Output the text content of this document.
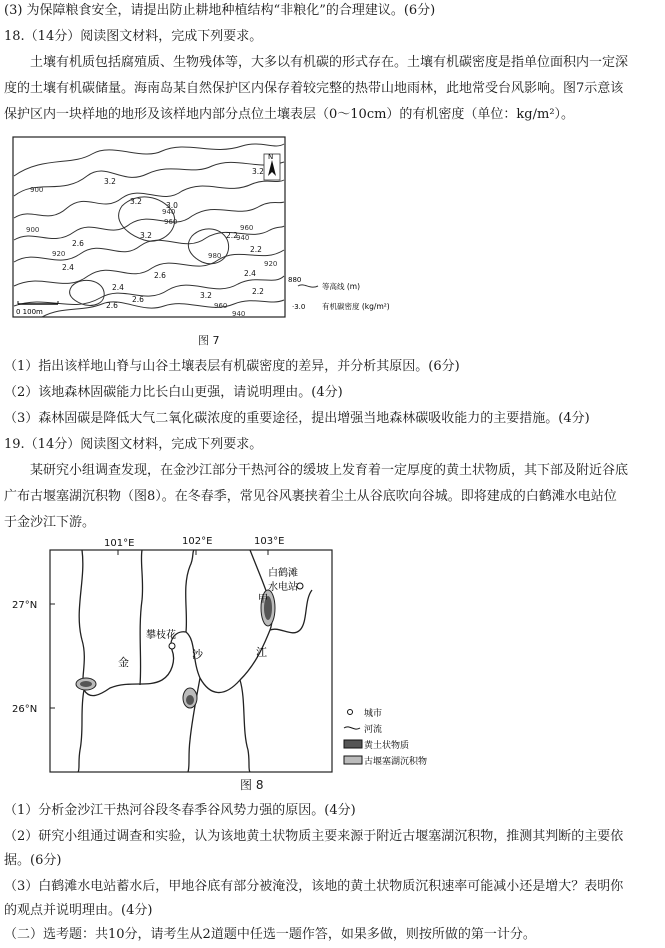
(3) 为保障粮食安全，请提出防止耕地种植结构“非粮化”的合理建议。(6分)
18.（14分）阅读图文材料，完成下列要求。
土壤有机质包括腐殖质、生物残体等，大多以有机碳的形式存在。土壤有机碳密度是指单位面积内一定深
度的土壤有机碳储量。海南岛某自然保护区内保存着较完整的热带山地雨林，此地常受台风影响。图7示意该
保护区内一块样地的地形及该样地内部分点位土壤表层（0～10cm）的有机密度（单位：kg/m²）。
900
900
920
940
960
980
960
940
920
960
940
3.2
3.2	3.0
3.2
3.2	2.2
2.2
2.6
2.4
2.6
2.4
2.6	3.2
2.4
2.6
2.2
N
0 100m
880
等高线 (m)
·3.0 有机碳密度 (kg/m²)
图 7
（1）指出该样地山脊与山谷土壤表层有机碳密度的差异，并分析其原因。(6分)
（2）该地森林固碳能力比长白山更强，请说明理由。(4分)
（3）森林固碳是降低大气二氧化碳浓度的重要途径，提出增强当地森林碳吸收能力的主要措施。(4分)
19.（14分）阅读图文材料，完成下列要求。
某研究小组调查发现，在金沙江部分干热河谷的缓坡上发育着一定厚度的黄土状物质，其下部及附近谷底
广布古堰塞湖沉积物（图8）。在冬春季，常见谷风裹挟着尘土从谷底吹向谷城。即将建成的白鹤滩水电站位
于金沙江下游。
101°E	102°E	103°E
27°N
26°N
攀枝花
白鹤滩
水电站
甲
金
沙	江
城市
河流
黄土状物质
古堰塞湖沉积物
图 8
（1）分析金沙江干热河谷段冬春季谷风势力强的原因。(4分)
（2）研究小组通过调查和实验，认为该地黄土状物质主要来源于附近古堰塞湖沉积物，推测其判断的主要依
据。(6分)
（3）白鹤滩水电站蓄水后，甲地谷底有部分被淹没，该地的黄土状物质沉积速率可能减小还是增大？表明你
的观点并说明理由。(4分)
（二）选考题：共10分，请考生从2道题中任选一题作答，如果多做，则按所做的第一计分。
